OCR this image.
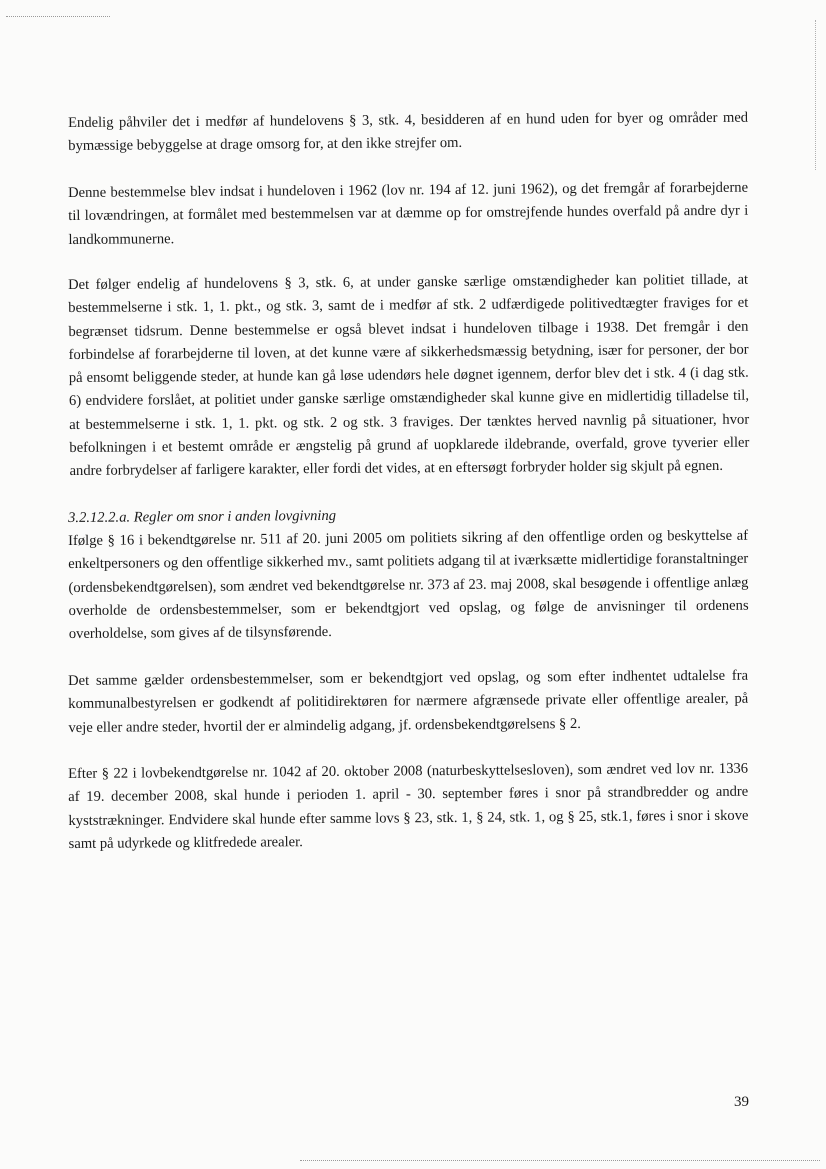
Endelig påhviler det i medfør af hundelovens § 3, stk. 4, besidderen af en hund uden for byer og områder med bymæssige bebyggelse at drage omsorg for, at den ikke strejfer om.

Denne bestemmelse blev indsat i hundeloven i 1962 (lov nr. 194 af 12. juni 1962), og det fremgår af forarbejderne til lovændringen, at formålet med bestemmelsen var at dæmme op for omstrejfende hundes overfald på andre dyr i landkommunerne.

Det følger endelig af hundelovens § 3, stk. 6, at under ganske særlige omstændigheder kan politiet tillade, at bestemmelserne i stk. 1, 1. pkt., og stk. 3, samt de i medfør af stk. 2 udfærdigede politivedtægter fraviges for et begrænset tidsrum. Denne bestemmelse er også blevet indsat i hundeloven tilbage i 1938. Det fremgår i den forbindelse af forarbejderne til loven, at det kunne være af sikkerhedsmæssig betydning, især for personer, der bor på ensomt beliggende steder, at hunde kan gå løse udendørs hele døgnet igennem, derfor blev det i stk. 4 (i dag stk. 6) endvidere forslået, at politiet under ganske særlige omstændigheder skal kunne give en midlertidig tilladelse til, at bestemmelserne i stk. 1, 1. pkt. og stk. 2 og stk. 3 fraviges. Der tænktes herved navnlig på situationer, hvor befolkningen i et bestemt område er ængstelig på grund af uopklarede ildebrande, overfald, grove tyverier eller andre forbrydelser af farligere karakter, eller fordi det vides, at en eftersøgt forbryder holder sig skjult på egnen.

3.2.12.2.a. Regler om snor i anden lovgivning

Ifølge § 16 i bekendtgørelse nr. 511 af 20. juni 2005 om politiets sikring af den offentlige orden og beskyttelse af enkeltpersoners og den offentlige sikkerhed mv., samt politiets adgang til at iværksætte midlertidige foranstaltninger (ordensbekendtgørelsen), som ændret ved bekendtgørelse nr. 373 af 23. maj 2008, skal besøgende i offentlige anlæg overholde de ordensbestemmelser, som er bekendtgjort ved opslag, og følge de anvisninger til ordenens overholdelse, som gives af de tilsynsførende.

Det samme gælder ordensbestemmelser, som er bekendtgjort ved opslag, og som efter indhentet udtalelse fra kommunalbestyrelsen er godkendt af politidirektøren for nærmere afgrænsede private eller offentlige arealer, på veje eller andre steder, hvortil der er almindelig adgang, jf. ordensbekendtgørelsens § 2.

Efter § 22 i lovbekendtgørelse nr. 1042 af 20. oktober 2008 (naturbeskyttelsesloven), som ændret ved lov nr. 1336 af 19. december 2008, skal hunde i perioden 1. april - 30. september føres i snor på strandbredder og andre kyststrækninger. Endvidere skal hunde efter samme lovs § 23, stk. 1, § 24, stk. 1, og § 25, stk.1, føres i snor i skove samt på udyrkede og klitfredede arealer.

39
